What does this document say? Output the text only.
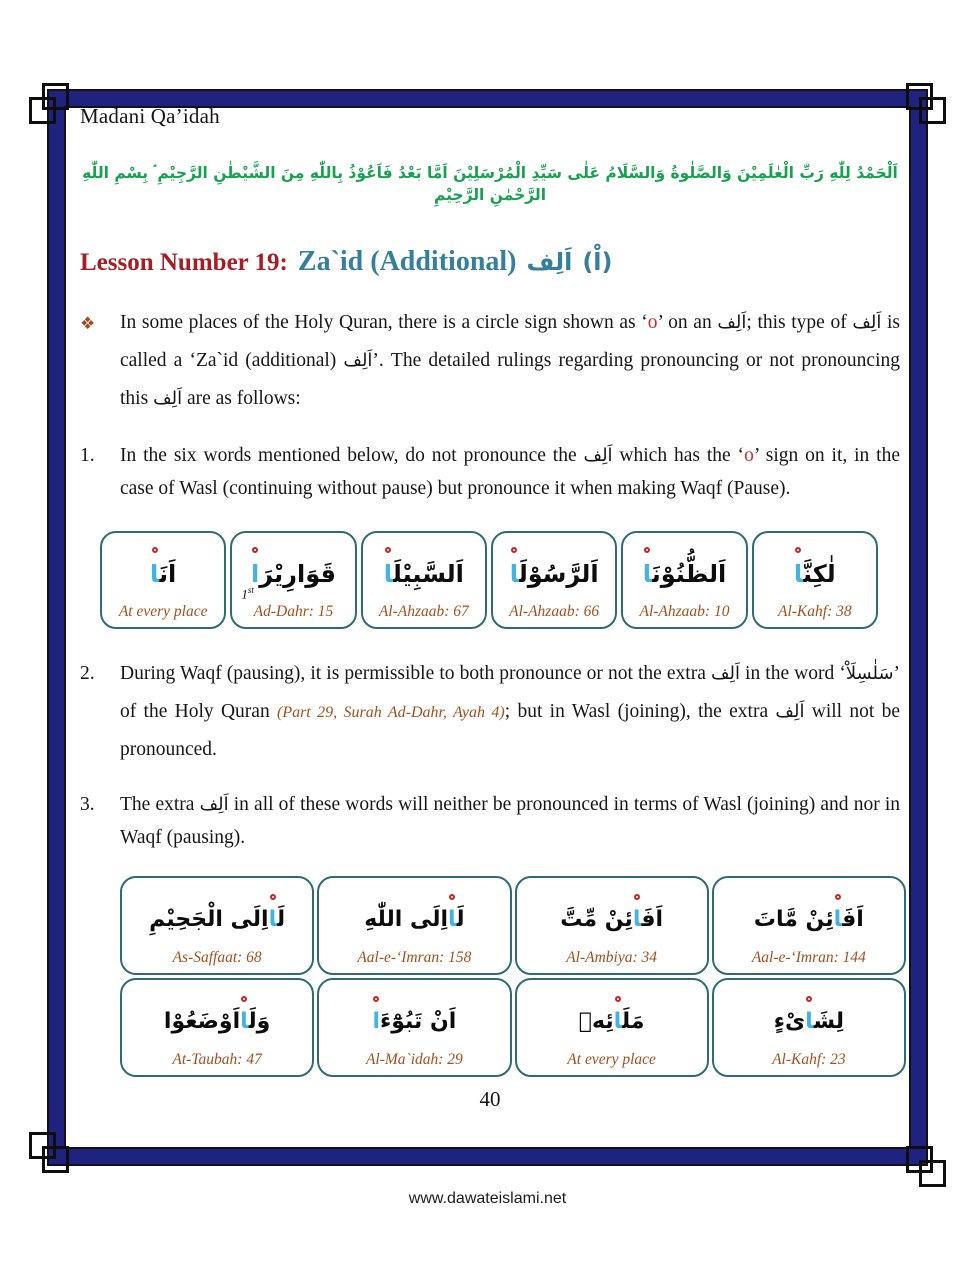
Madani Qa’idah
اَلْحَمْدُ لِلّٰهِ رَبِّ الْعٰلَمِيْنَ وَالصَّلٰوةُ وَالسَّلَامُ عَلٰى سَيِّدِ الْمُرْسَلِيْنَ اَمَّا بَعْدُ فَاَعُوْذُ بِاللّٰهِ مِنَ الشَّيْطٰنِ الرَّجِيْمِ ۘ بِسْمِ اللّٰهِ الرَّحْمٰنِ الرَّحِيْمِ
Lesson Number 19: Za`id (Additional) اَلِف (اْ)
❖	In some places of the Holy Quran, there is a circle sign shown as ‘o’ on an اَلِف; this type of اَلِف is called a ‘Za`id (additional) اَلِف’. The detailed rulings regarding pronouncing or not pronouncing this اَلِف are as follows:
1.	In the six words mentioned below, do not pronounce the اَلِف which has the ‘o’ sign on it, in the case of Wasl (continuing without pause) but pronounce it when making Waqf (Pause).
اَنَ‍
‍ا
At every place
قَوَارِيْرَ
ا
1st
Ad-Dahr: 15
اَلسَّبِيْلَ‍
‍ا
Al-Ahzaab: 67
اَلرَّسُوْلَ‍
‍ا
Al-Ahzaab: 66
اَلظُّنُوْنَ‍
‍ا
Al-Ahzaab: 10
لٰكِنَّ‍
‍ا
Al-Kahf: 38
2.	During Waqf (pausing), it is permissible to both pronounce or not the extra اَلِف in the word ‘سَلٰسِلَاْ’ of the Holy Quran (Part 29, Surah Ad-Dahr, Ayah 4); but in Wasl (joining), the extra اَلِف will not be pronounced.
3.	The extra اَلِف in all of these words will neither be pronounced in terms of Wasl (joining) and nor in Waqf (pausing).
لَ‍
‍ا
اِلَى الْجَحِيْمِ
As-Saffaat: 68
لَ‍
‍ا
اِلَى اللّٰهِ
Aal-e-‘Imran: 158
اَفَ‍
‍ا
ئِنْ مِّتَّ
Al-Ambiya: 34
اَفَ‍
‍ا
ئِنْ مَّاتَ
Aal-e-‘Imran: 144
وَلَ‍
‍ا
اَوْضَعُوْا
At-Taubah: 47
اَنْ تَبُوْٓءَ
ا
Al-Ma`idah: 29
مَلَ‍
‍ا
ئِهٖ
At every place
لِشَ‍
‍ا
ىْءٍ
Al-Kahf: 23
40
www.dawateislami.net
